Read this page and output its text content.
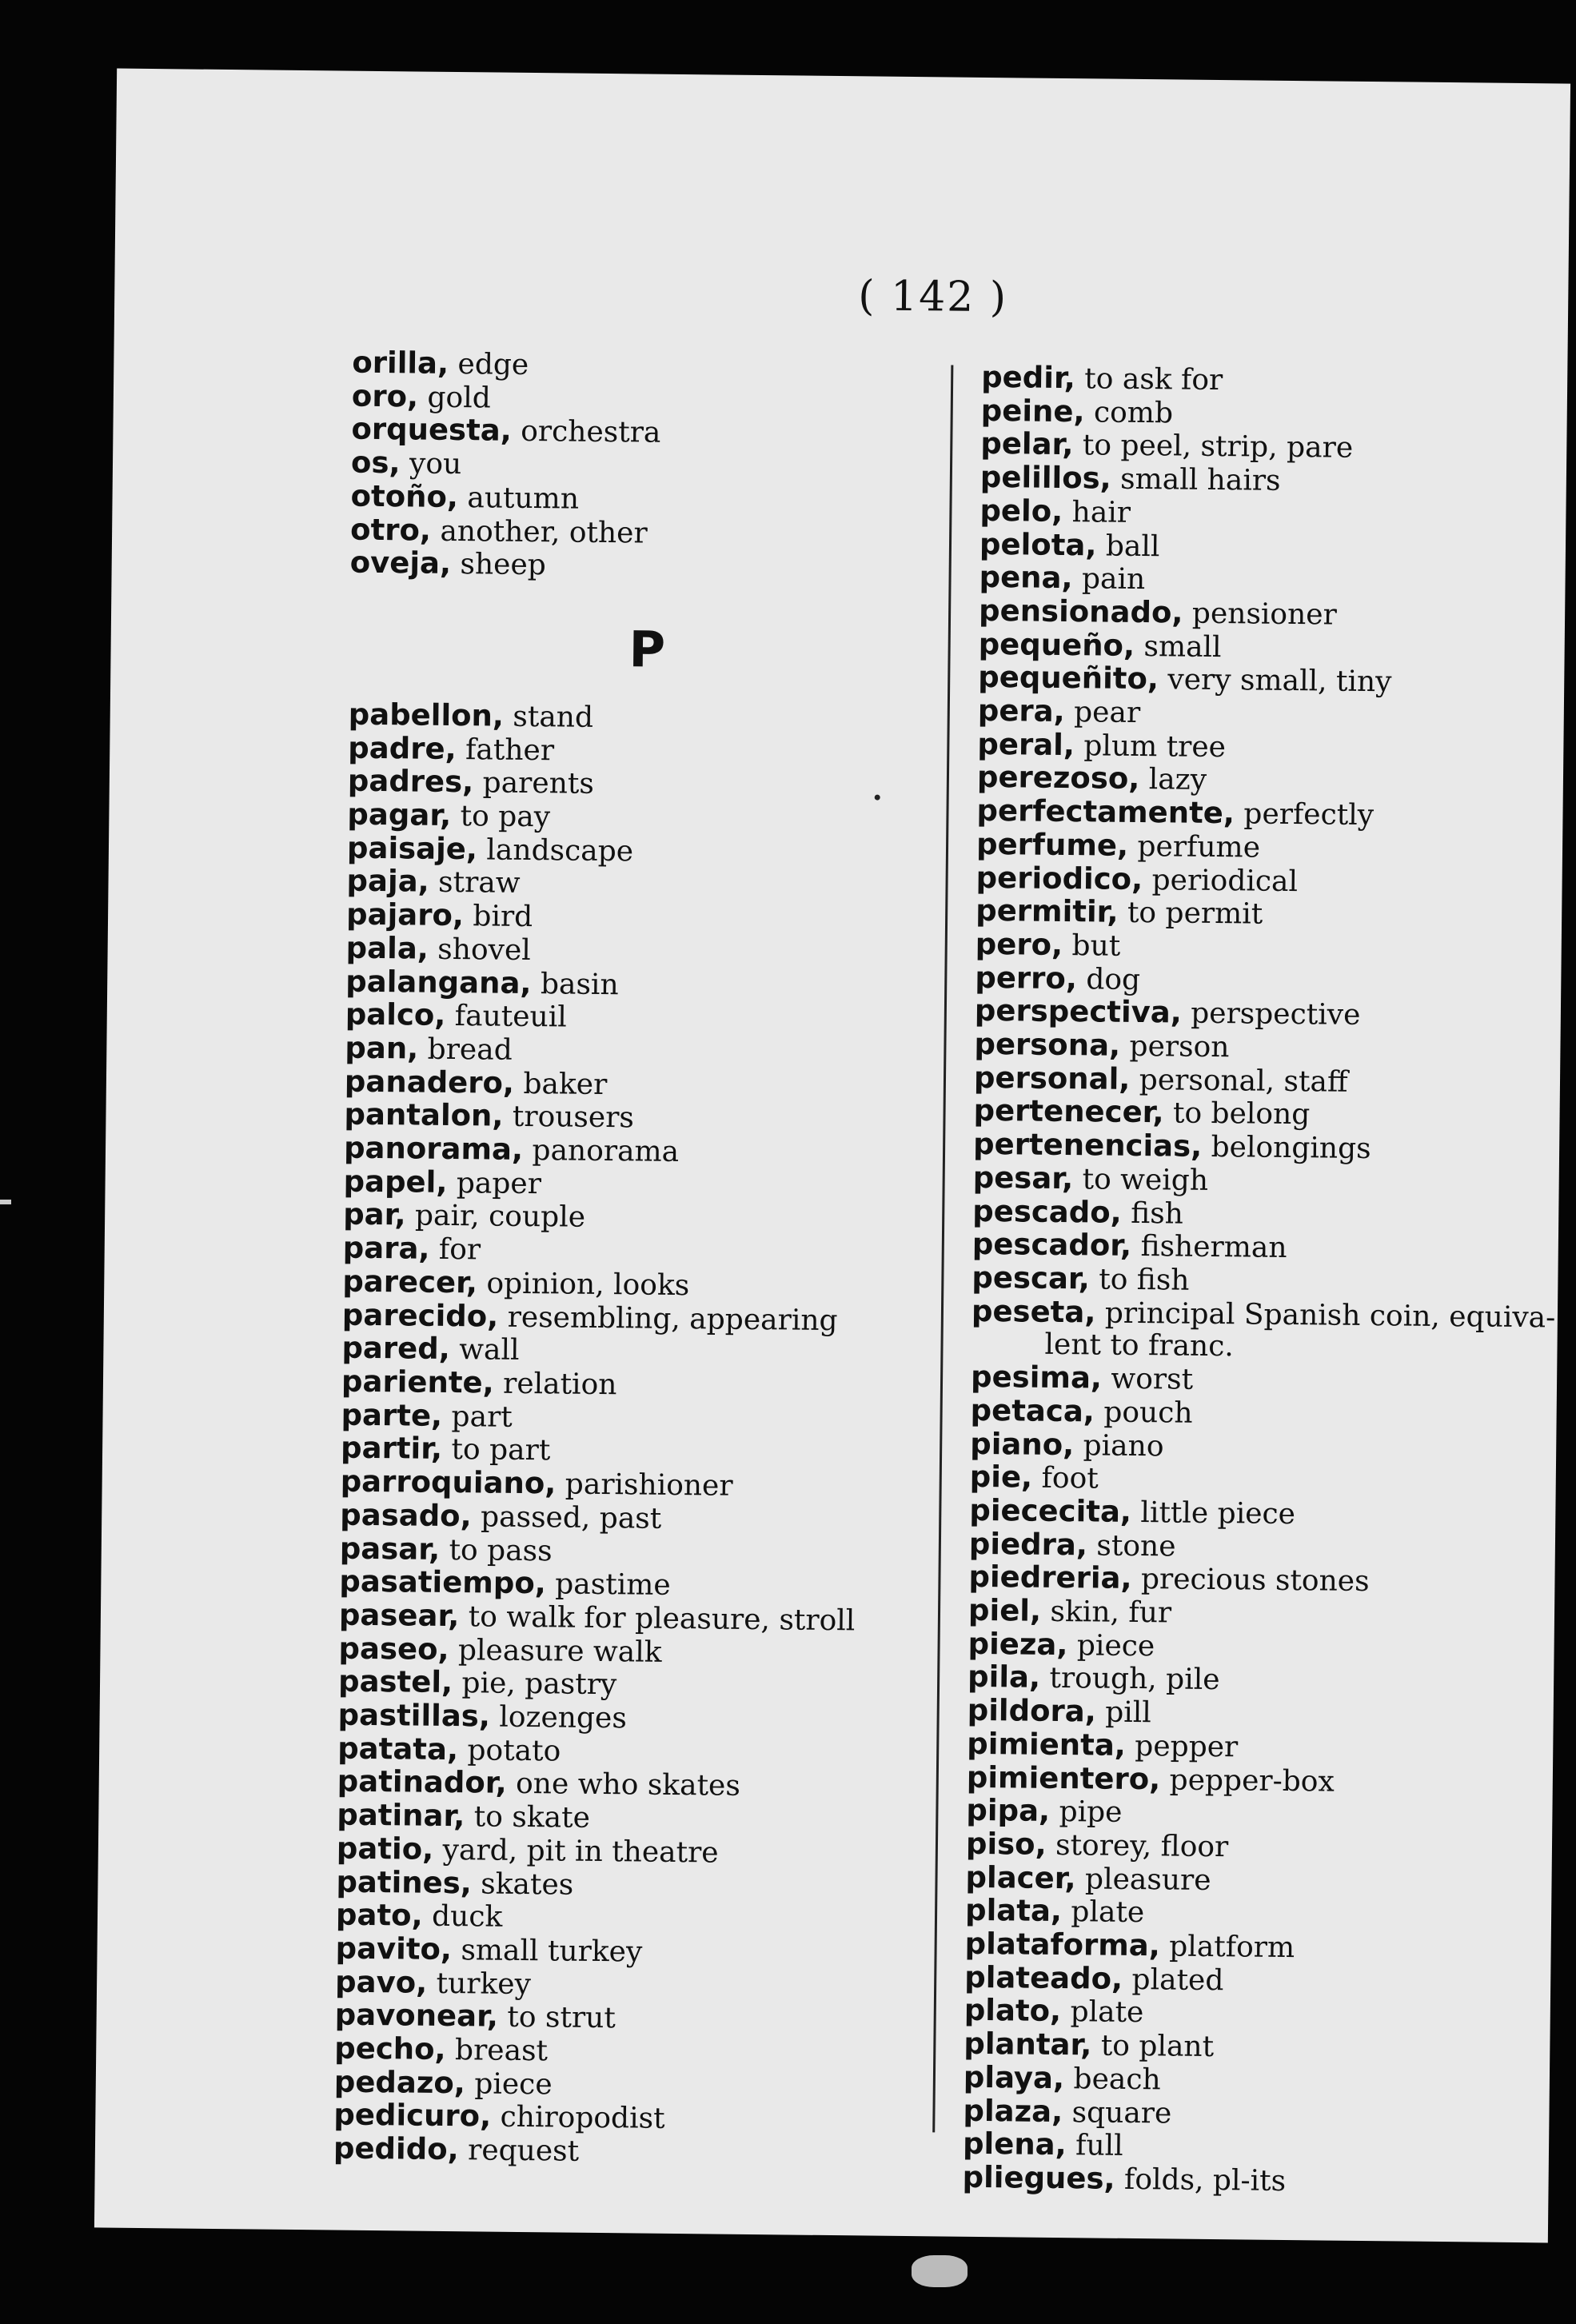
( 142 )
orilla, edge
oro, gold
orquesta, orchestra
os, you
otoño, autumn
otro, another, other
oveja, sheep
P
pabellon, stand
padre, father
padres, parents
pagar, to pay
paisaje, landscape
paja, straw
pajaro, bird
pala, shovel
palangana, basin
palco, fauteuil
pan, bread
panadero, baker
pantalon, trousers
panorama, panorama
papel, paper
par, pair, couple
para, for
parecer, opinion, looks
parecido, resembling, appearing
pared, wall
pariente, relation
parte, part
partir, to part
parroquiano, parishioner
pasado, passed, past
pasar, to pass
pasatiempo, pastime
pasear, to walk for pleasure, stroll
paseo, pleasure walk
pastel, pie, pastry
pastillas, lozenges
patata, potato
patinador, one who skates
patinar, to skate
patio, yard, pit in theatre
patines, skates
pato, duck
pavito, small turkey
pavo, turkey
pavonear, to strut
pecho, breast
pedazo, piece
pedicuro, chiropodist
pedido, request
pedir, to ask for
peine, comb
pelar, to peel, strip, pare
pelillos, small hairs
pelo, hair
pelota, ball
pena, pain
pensionado, pensioner
pequeño, small
pequeñito, very small, tiny
pera, pear
peral, plum tree
perezoso, lazy
perfectamente, perfectly
perfume, perfume
periodico, periodical
permitir, to permit
pero, but
perro, dog
perspectiva, perspective
persona, person
personal, personal, staff
pertenecer, to belong
pertenencias, belongings
pesar, to weigh
pescado, fish
pescador, fisherman
pescar, to fish
peseta, principal Spanish coin, equiva-
lent to franc.
pesima, worst
petaca, pouch
piano, piano
pie, foot
piececita, little piece
piedra, stone
piedreria, precious stones
piel, skin, fur
pieza, piece
pila, trough, pile
pildora, pill
pimienta, pepper
pimientero, pepper-box
pipa, pipe
piso, storey, floor
placer, pleasure
plata, plate
plataforma, platform
plateado, plated
plato, plate
plantar, to plant
playa, beach
plaza, square
plena, full
pliegues, folds, pl-its
